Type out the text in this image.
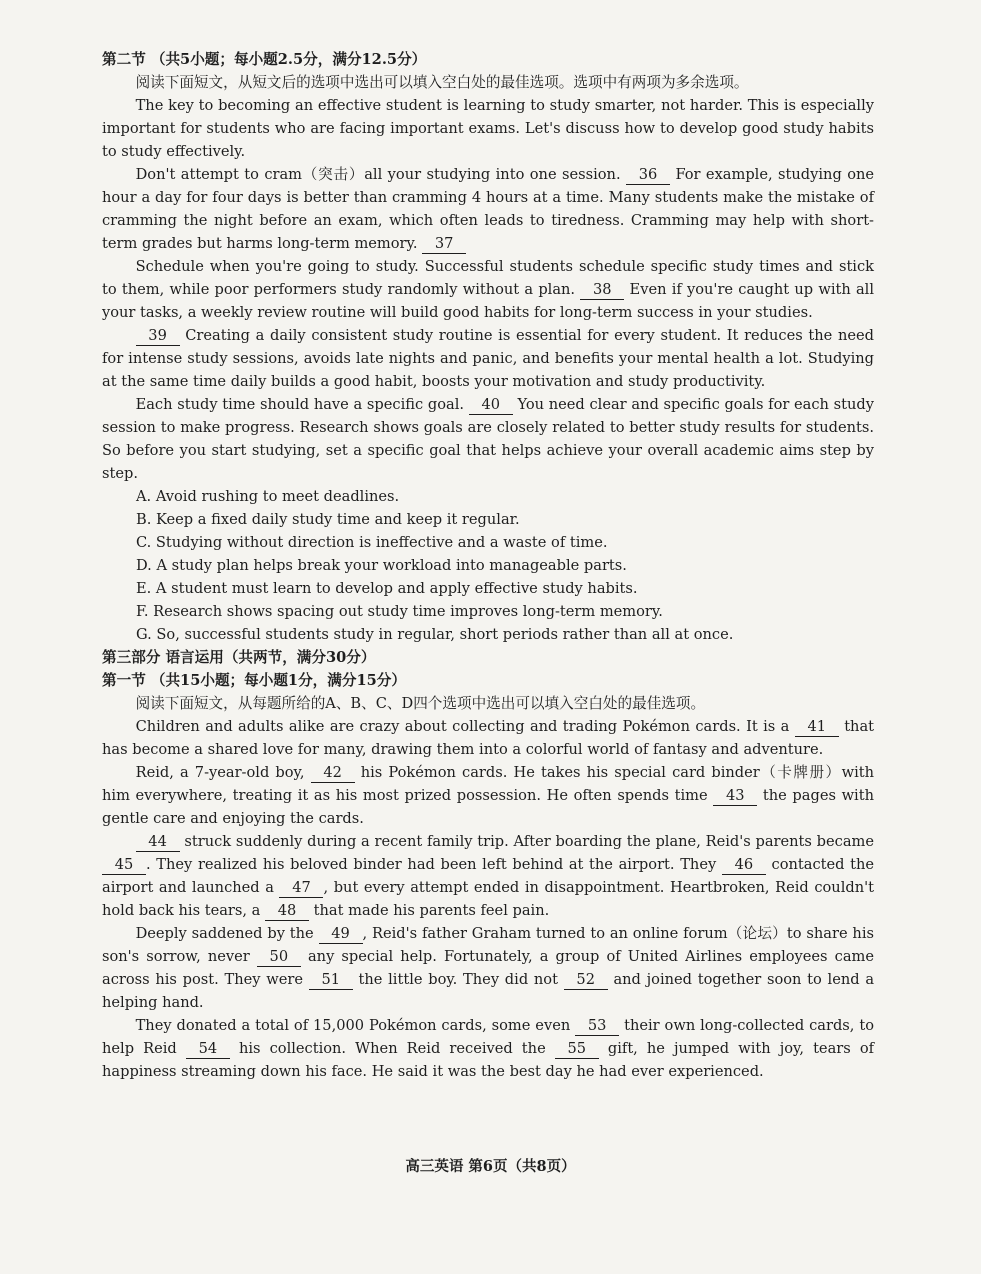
第二节 （共5小题；每小题2.5分，满分12.5分）

阅读下面短文，从短文后的选项中选出可以填入空白处的最佳选项。选项中有两项为多余选项。

The key to becoming an effective student is learning to study smarter, not harder. This is especially important for students who are facing important exams. Let's discuss how to develop good study habits to study effectively.

Don't attempt to cram（突击）all your studying into one session. 36 For example, studying one hour a day for four days is better than cramming 4 hours at a time. Many students make the mistake of cramming the night before an exam, which often leads to tiredness. Cramming may help with short-term grades but harms long-term memory. 37

Schedule when you're going to study. Successful students schedule specific study times and stick to them, while poor performers study randomly without a plan. 38 Even if you're caught up with all your tasks, a weekly review routine will build good habits for long-term success in your studies.

39 Creating a daily consistent study routine is essential for every student. It reduces the need for intense study sessions, avoids late nights and panic, and benefits your mental health a lot. Studying at the same time daily builds a good habit, boosts your motivation and study productivity.

Each study time should have a specific goal. 40 You need clear and specific goals for each study session to make progress. Research shows goals are closely related to better study results for students. So before you start studying, set a specific goal that helps achieve your overall academic aims step by step.

A. Avoid rushing to meet deadlines.

B. Keep a fixed daily study time and keep it regular.

C. Studying without direction is ineffective and a waste of time.

D. A study plan helps break your workload into manageable parts.

E. A student must learn to develop and apply effective study habits.

F. Research shows spacing out study time improves long-term memory.

G. So, successful students study in regular, short periods rather than all at once.

第三部分 语言运用（共两节，满分30分）

第一节 （共15小题；每小题1分，满分15分）

阅读下面短文，从每题所给的A、B、C、D四个选项中选出可以填入空白处的最佳选项。

Children and adults alike are crazy about collecting and trading Pokémon cards. It is a 41 that has become a shared love for many, drawing them into a colorful world of fantasy and adventure.

Reid, a 7-year-old boy, 42 his Pokémon cards. He takes his special card binder（卡牌册）with him everywhere, treating it as his most prized possession. He often spends time 43 the pages with gentle care and enjoying the cards.

44 struck suddenly during a recent family trip. After boarding the plane, Reid's parents became 45 . They realized his beloved binder had been left behind at the airport. They 46 contacted the airport and launched a 47 , but every attempt ended in disappointment. Heartbroken, Reid couldn't hold back his tears, a 48 that made his parents feel pain.

Deeply saddened by the 49 , Reid's father Graham turned to an online forum（论坛）to share his son's sorrow, never 50 any special help. Fortunately, a group of United Airlines employees came across his post. They were 51 the little boy. They did not 52 and joined together soon to lend a helping hand.

They donated a total of 15,000 Pokémon cards, some even 53 their own long-collected cards, to help Reid 54 his collection. When Reid received the 55 gift, he jumped with joy, tears of happiness streaming down his face. He said it was the best day he had ever experienced.

高三英语 第6页（共8页）
